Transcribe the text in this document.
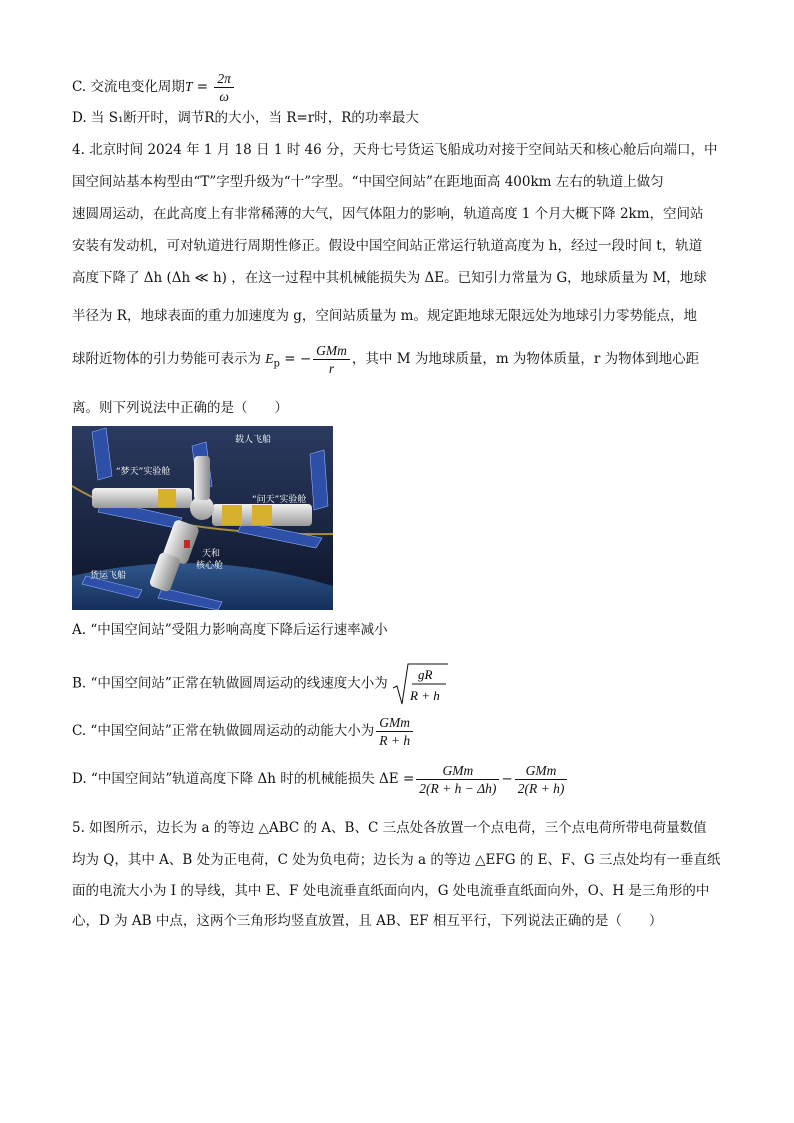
C. 交流电变化周期$T = \frac{2\pi}{\omega}$
D. 当 S₁断开时，调节R的大小，当 R=r时，R的功率最大
4. 北京时间 2024 年 1 月 18 日 1 时 46 分，天舟七号货运飞船成功对接于空间站天和核心舱后向端口，中
国空间站基本构型由“T”字型升级为“十”字型。“中国空间站”在距地面高 400km 左右的轨道上做匀
速圆周运动，在此高度上有非常稀薄的大气，因气体阻力的影响，轨道高度 1 个月大概下降 2km，空间站
安装有发动机，可对轨道进行周期性修正。假设中国空间站正常运行轨道高度为 h，经过一段时间 t，轨道
高度下降了 Δh (Δh ≪ h) ，在这一过程中其机械能损失为 ΔE。已知引力常量为 G，地球质量为 M，地球
半径为 R，地球表面的重力加速度为 g，空间站质量为 m。规定距地球无限远处为地球引力零势能点，地
球附近物体的引力势能可表示为 $E_p$ = − $\frac{\text{GMm}}{r}$ ，其中 M 为地球质量，m 为物体质量，r 为物体到地心距
离。则下列说法中正确的是（　　）
“梦天”实验舱
载人飞船
“问天”实验舱
天和
核心舱
货运飞船
A. “中国空间站”受阻力影响高度下降后运行速率减小
B. “中国空间站”正常在轨做圆周运动的线速度大小为
gR
R + h
C. “中国空间站”正常在轨做圆周运动的动能大小为 $\frac{\text{GMm}}{R + h}$
D. “中国空间站”轨道高度下降 Δh 时的机械能损失 $\Delta E = \frac{\text{GMm}}{2(R + h - \Delta h)} - \frac{\text{GMm}}{2(R + h)}$
5. 如图所示，边长为 a 的等边 △ABC 的 A、B、C 三点处各放置一个点电荷，三个点电荷所带电荷量数值
均为 Q，其中 A、B 处为正电荷，C 处为负电荷；边长为 a 的等边 △EFG 的 E、F、G 三点处均有一垂直纸
面的电流大小为 I 的导线，其中 E、F 处电流垂直纸面向内，G 处电流垂直纸面向外，O、H 是三角形的中
心，D 为 AB 中点，这两个三角形均竖直放置，且 AB、EF 相互平行，下列说法正确的是（　　）
